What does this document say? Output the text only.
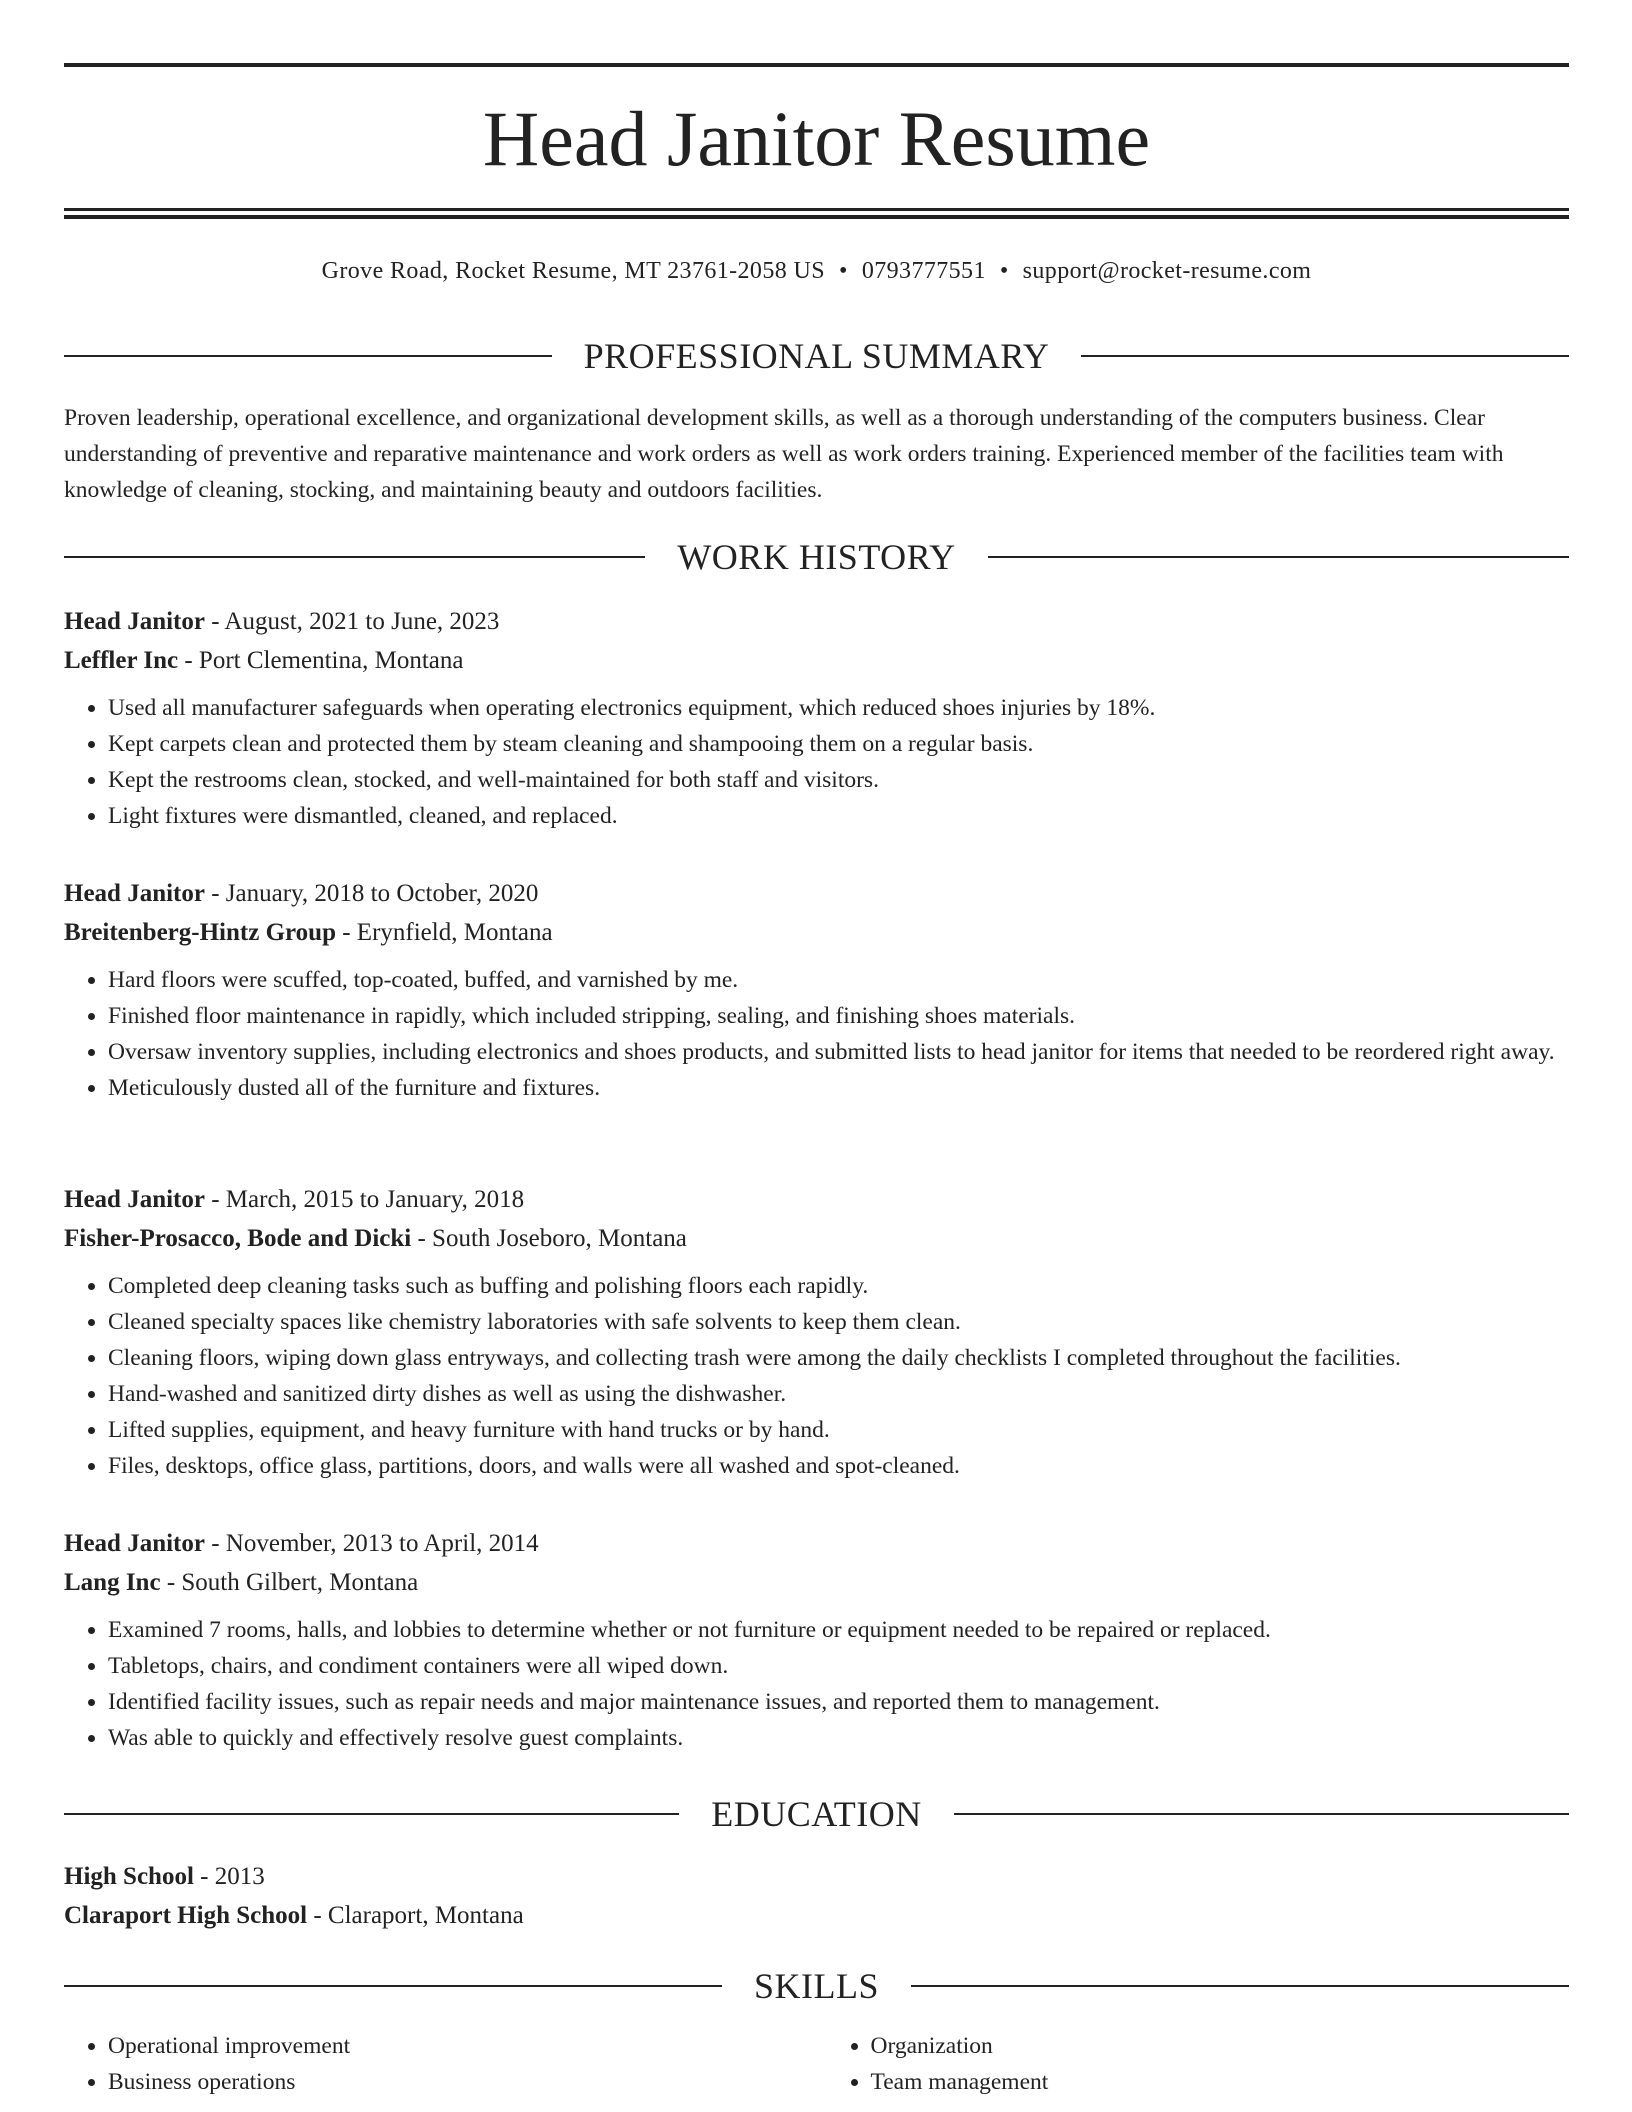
Head Janitor Resume
Grove Road, Rocket Resume, MT 23761-2058 US • 0793777551 • support@rocket-resume.com
PROFESSIONAL SUMMARY

Proven leadership, operational excellence, and organizational development skills, as well as a thorough understanding of the computers business. Clear understanding of preventive and reparative maintenance and work orders as well as work orders training. Experienced member of the facilities team with knowledge of cleaning, stocking, and maintaining beauty and outdoors facilities.

WORK HISTORY

Head Janitor - August, 2021 to June, 2023

Leffler Inc - Port Clementina, Montana

• Used all manufacturer safeguards when operating electronics equipment, which reduced shoes injuries by 18%.
• Kept carpets clean and protected them by steam cleaning and shampooing them on a regular basis.
• Kept the restrooms clean, stocked, and well-maintained for both staff and visitors.
• Light fixtures were dismantled, cleaned, and replaced.

Head Janitor - January, 2018 to October, 2020

Breitenberg-Hintz Group - Erynfield, Montana

• Hard floors were scuffed, top-coated, buffed, and varnished by me.
• Finished floor maintenance in rapidly, which included stripping, sealing, and finishing shoes materials.
• Oversaw inventory supplies, including electronics and shoes products, and submitted lists to head janitor for items that needed to be reordered right away.
• Meticulously dusted all of the furniture and fixtures.

Head Janitor - March, 2015 to January, 2018

Fisher-Prosacco, Bode and Dicki - South Joseboro, Montana

• Completed deep cleaning tasks such as buffing and polishing floors each rapidly.
• Cleaned specialty spaces like chemistry laboratories with safe solvents to keep them clean.
• Cleaning floors, wiping down glass entryways, and collecting trash were among the daily checklists I completed throughout the facilities.
• Hand-washed and sanitized dirty dishes as well as using the dishwasher.
• Lifted supplies, equipment, and heavy furniture with hand trucks or by hand.
• Files, desktops, office glass, partitions, doors, and walls were all washed and spot-cleaned.

Head Janitor - November, 2013 to April, 2014

Lang Inc - South Gilbert, Montana

• Examined 7 rooms, halls, and lobbies to determine whether or not furniture or equipment needed to be repaired or replaced.
• Tabletops, chairs, and condiment containers were all wiped down.
• Identified facility issues, such as repair needs and major maintenance issues, and reported them to management.
• Was able to quickly and effectively resolve guest complaints.
EDUCATION

High School - 2013

Claraport High School - Claraport, Montana

SKILLS
• Operational improvement
• Business operations
• Organization
• Team management
